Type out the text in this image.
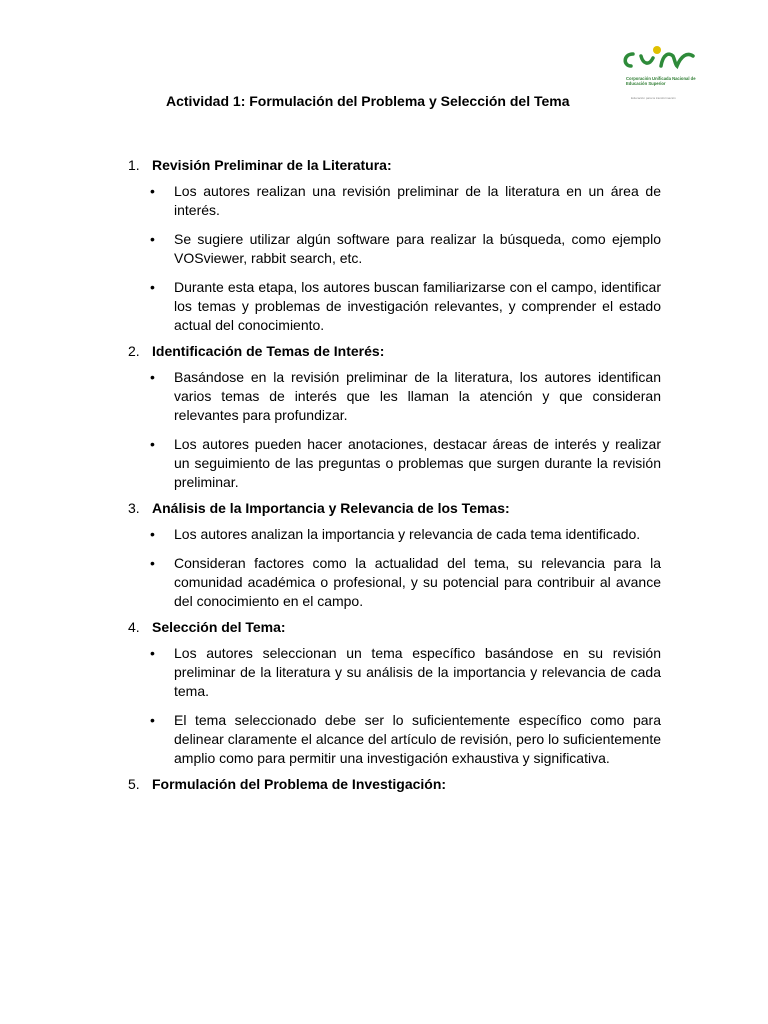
Corporación Unificada Nacional de Educación Superior
Educación para la transformación
Actividad 1: Formulación del Problema y Selección del Tema
1. Revisión Preliminar de la Literatura:
•	Los autores realizan una revisión preliminar de la literatura en un área de interés.
•	Se sugiere utilizar algún software para realizar la búsqueda, como ejemplo VOSviewer, rabbit search, etc.
•	Durante esta etapa, los autores buscan familiarizarse con el campo, identificar los temas y problemas de investigación relevantes, y comprender el estado actual del conocimiento.
2. Identificación de Temas de Interés:
•	Basándose en la revisión preliminar de la literatura, los autores identifican varios temas de interés que les llaman la atención y que consideran relevantes para profundizar.
•	Los autores pueden hacer anotaciones, destacar áreas de interés y realizar un seguimiento de las preguntas o problemas que surgen durante la revisión preliminar.
3. Análisis de la Importancia y Relevancia de los Temas:
•	Los autores analizan la importancia y relevancia de cada tema identificado.
•	Consideran factores como la actualidad del tema, su relevancia para la comunidad académica o profesional, y su potencial para contribuir al avance del conocimiento en el campo.
4. Selección del Tema:
•	Los autores seleccionan un tema específico basándose en su revisión preliminar de la literatura y su análisis de la importancia y relevancia de cada tema.
•	El tema seleccionado debe ser lo suficientemente específico como para delinear claramente el alcance del artículo de revisión, pero lo suficientemente amplio como para permitir una investigación exhaustiva y significativa.
5. Formulación del Problema de Investigación:
